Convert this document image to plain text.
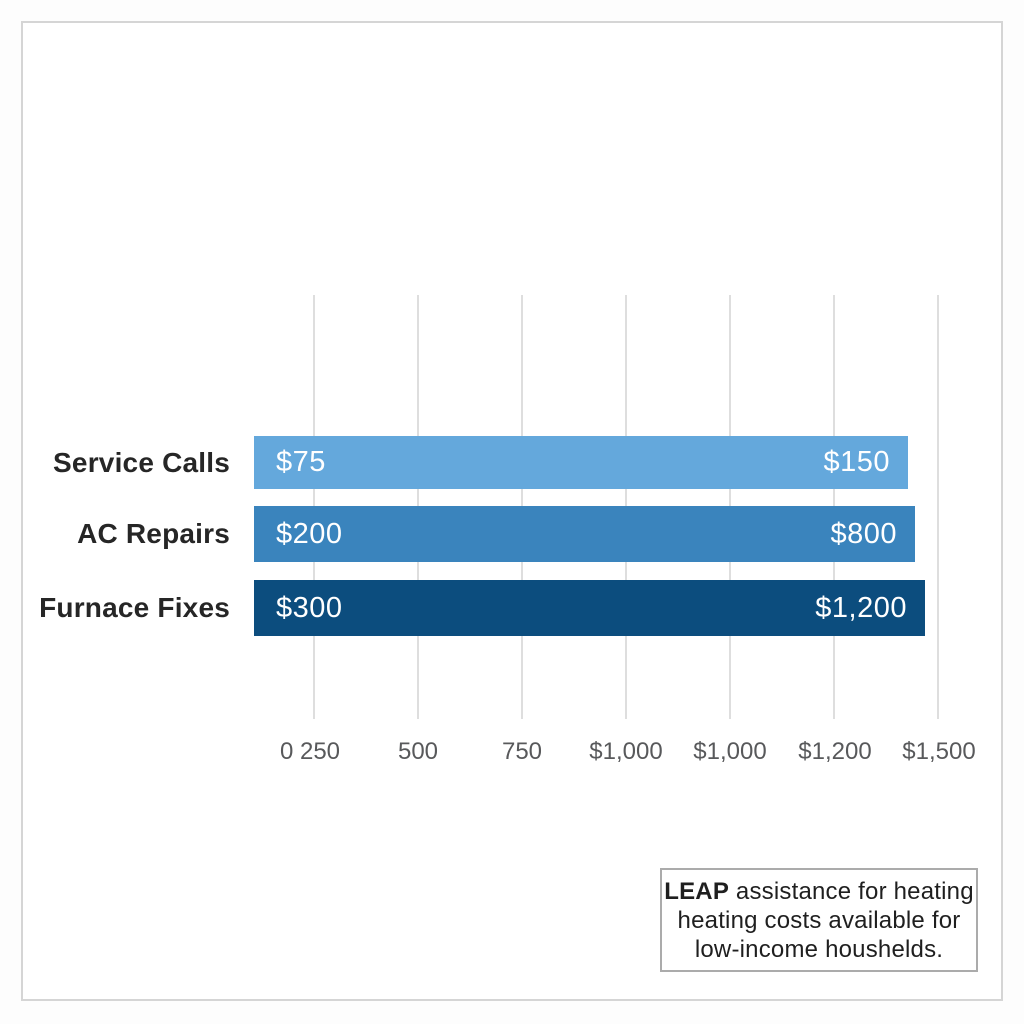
Service Calls $75	$150
AC Repairs $200	$800
Furnace Fixes $300	$1,200
0 250 500	750 $1,000 $1,000 $1,200 $1,500
LEAP assistance for heating
heating costs available for
low-income houshelds.
